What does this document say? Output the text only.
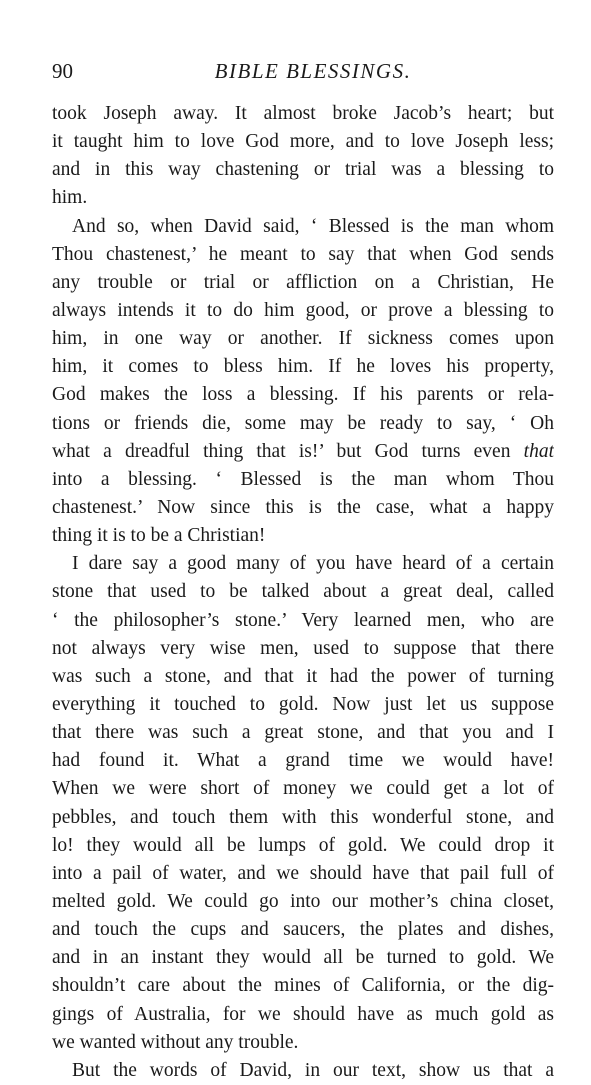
90	BIBLE BLESSINGS.
took Joseph away. It almost broke Jacob’s heart; but
it taught him to love God more, and to love Joseph less;
and in this way chastening or trial was a blessing to
him.
And so, when David said, ‘ Blessed is the man whom
Thou chastenest,’ he meant to say that when God sends
any trouble or trial or affliction on a Christian, He
always intends it to do him good, or prove a blessing to
him, in one way or another. If sickness comes upon
him, it comes to bless him. If he loves his property,
God makes the loss a blessing. If his parents or rela-
tions or friends die, some may be ready to say, ‘ Oh
what a dreadful thing that is!’ but God turns even that
into a blessing. ‘ Blessed is the man whom Thou
chastenest.’ Now since this is the case, what a happy
thing it is to be a Christian!
I dare say a good many of you have heard of a certain
stone that used to be talked about a great deal, called
‘ the philosopher’s stone.’ Very learned men, who are
not always very wise men, used to suppose that there
was such a stone, and that it had the power of turning
everything it touched to gold. Now just let us suppose
that there was such a great stone, and that you and I
had found it. What a grand time we would have!
When we were short of money we could get a lot of
pebbles, and touch them with this wonderful stone, and
lo! they would all be lumps of gold. We could drop it
into a pail of water, and we should have that pail full of
melted gold. We could go into our mother’s china closet,
and touch the cups and saucers, the plates and dishes,
and in an instant they would all be turned to gold. We
shouldn’t care about the mines of California, or the dig-
gings of Australia, for we should have as much gold as
we wanted without any trouble.
But the words of David, in our text, show us that a
